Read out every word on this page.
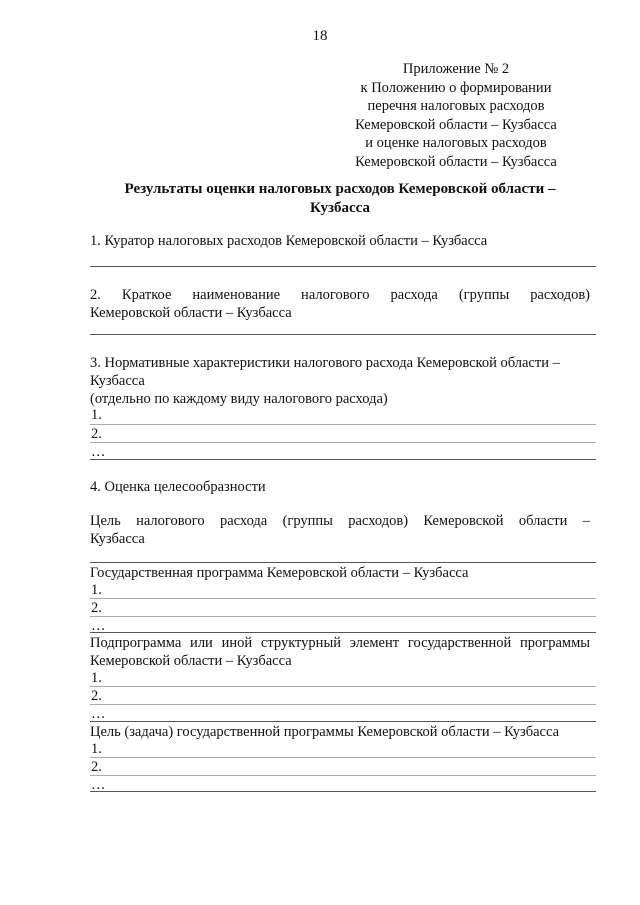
18
Приложение № 2
к Положению о формировании
перечня налоговых расходов
Кемеровской области – Кузбасса
и оценке налоговых расходов
Кемеровской области – Кузбасса
Результаты оценки налоговых расходов Кемеровской области –
Кузбасса
1. Куратор налоговых расходов Кемеровской области – Кузбасса
2. Краткое наименование налогового расхода (группы расходов)
Кемеровской области – Кузбасса
3. Нормативные характеристики налогового расхода Кемеровской области –
Кузбасса
(отдельно по каждому виду налогового расхода)
1.
2.
…
4. Оценка целесообразности
Цель налогового расхода (группы расходов) Кемеровской области –
Кузбасса
Государственная программа Кемеровской области – Кузбасса
1.
2.
…
Подпрограмма или иной структурный элемент государственной программы
Кемеровской области – Кузбасса
1.
2.
…
Цель (задача) государственной программы Кемеровской области – Кузбасса
1.
2.
…
